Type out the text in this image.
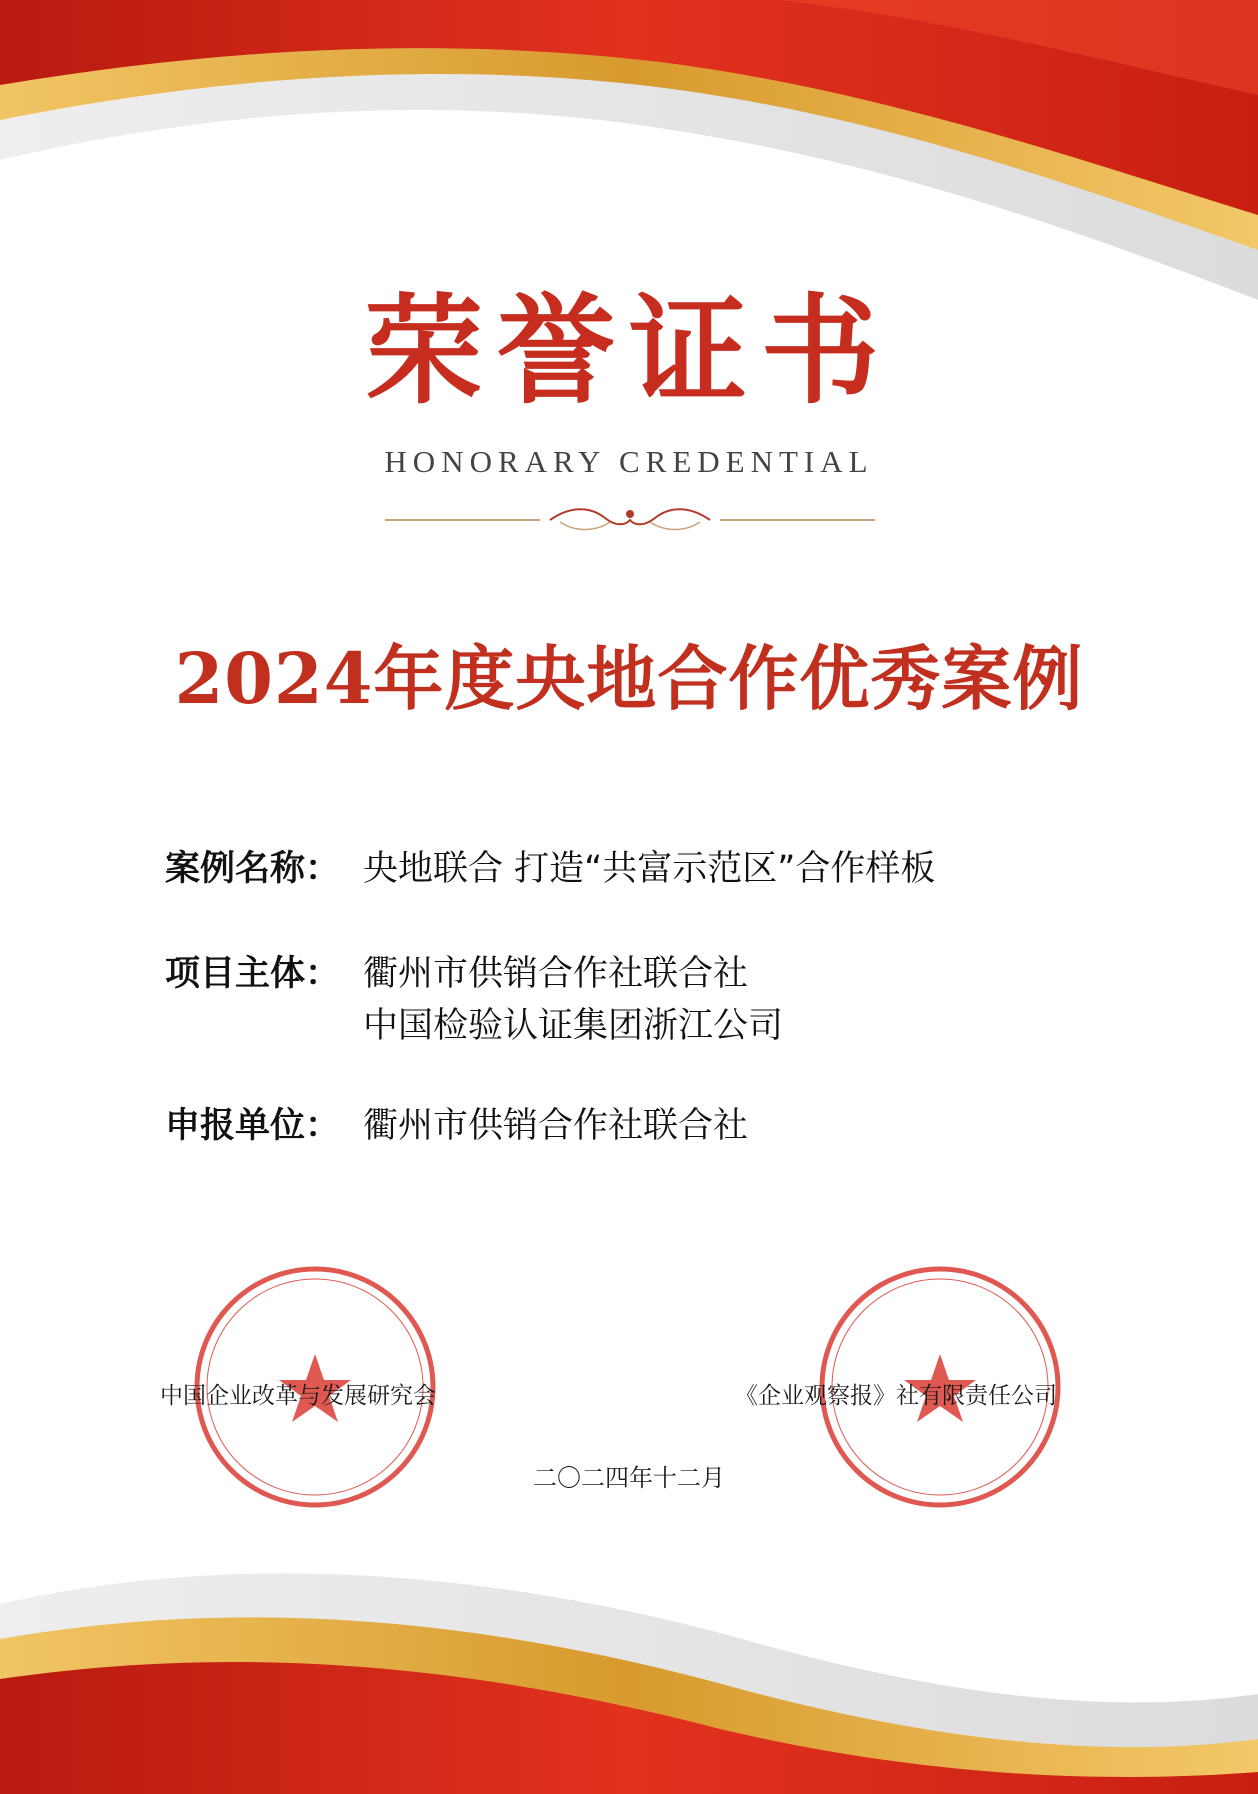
荣誉证书
HONORARY CREDENTIAL
2024年度央地合作优秀案例
案例名称： 央地联合 打造“共富示范区”合作样板
项目主体： 衢州市供销合作社联合社
中国检验认证集团浙江公司
申报单位： 衢州市供销合作社联合社
中国企业改革与发展研究会	《企业观察报》社有限责任公司
二〇二四年十二月
